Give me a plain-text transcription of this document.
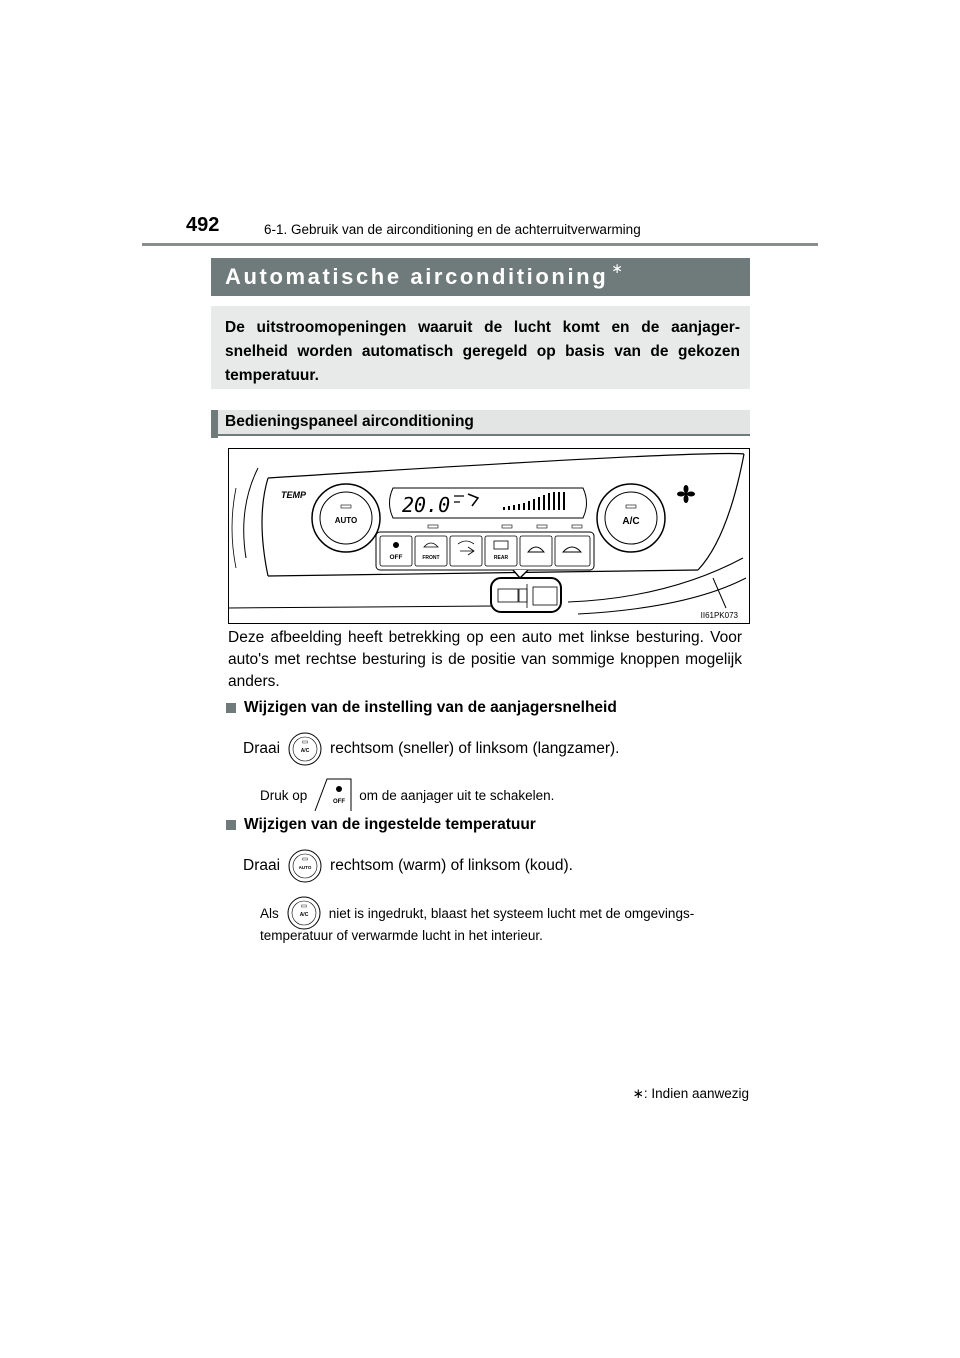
492	6-1. Gebruik van de airconditioning en de achterruitverwarming
Automatische airconditioning ∗
De uitstroomopeningen waaruit de lucht komt en de aanjager-snelheid worden automatisch geregeld op basis van de gekozen temperatuur.
Bedieningspaneel airconditioning
TEMP
AUTO	A/C
20.0
OFF	FRONT	REAR
II61PK073
Deze afbeelding heeft betrekking op een auto met linkse besturing. Voor auto's met rechtse besturing is de positie van sommige knoppen mogelijk anders.
Wijzigen van de instelling van de aanjagersnelheid
Draai	A/C rechtsom (sneller) of linksom (langzamer).
Druk op	OFF om de aanjager uit te schakelen.
Wijzigen van de ingestelde temperatuur
Draai	AUTO rechtsom (warm) of linksom (koud).
Als	A/C niet is ingedrukt, blaast het systeem lucht met de omgevings-
temperatuur of verwarmde lucht in het interieur.
∗: Indien aanwezig
